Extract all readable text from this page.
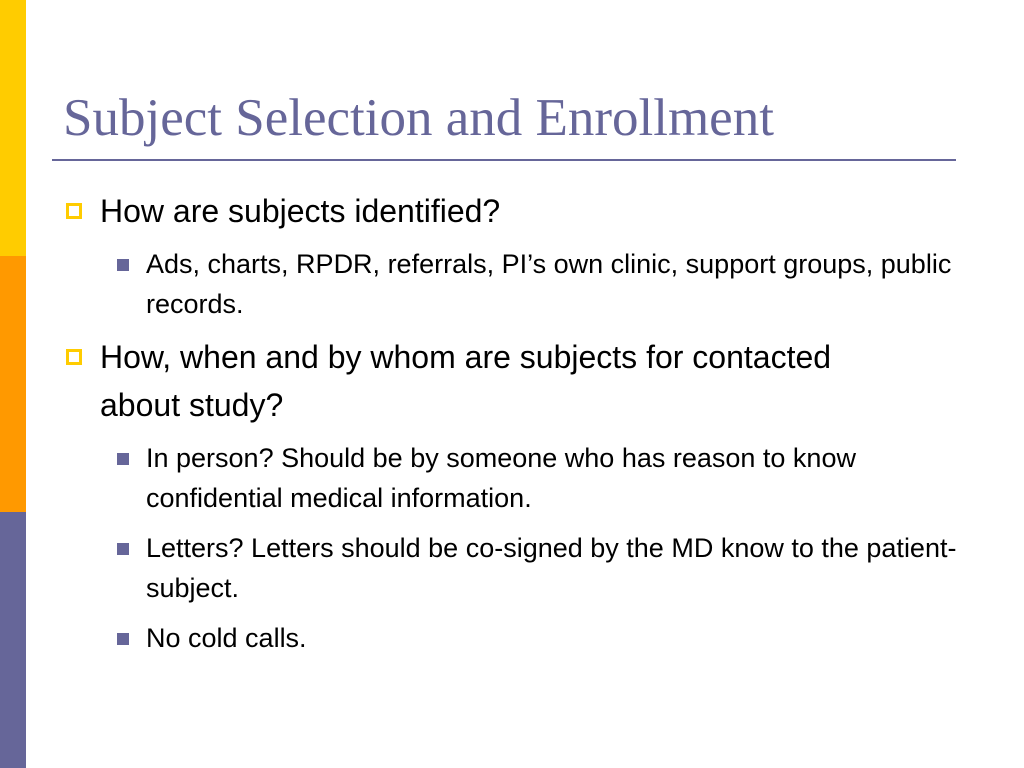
Subject Selection and Enrollment
How are subjects identified?
Ads, charts, RPDR, referrals, PI’s own clinic, support groups, public records.
How, when and by whom are subjects for contacted about study?
In person? Should be by someone who has reason to know confidential medical information.
Letters? Letters should be co-signed by the MD know to the patient-subject.
No cold calls.
